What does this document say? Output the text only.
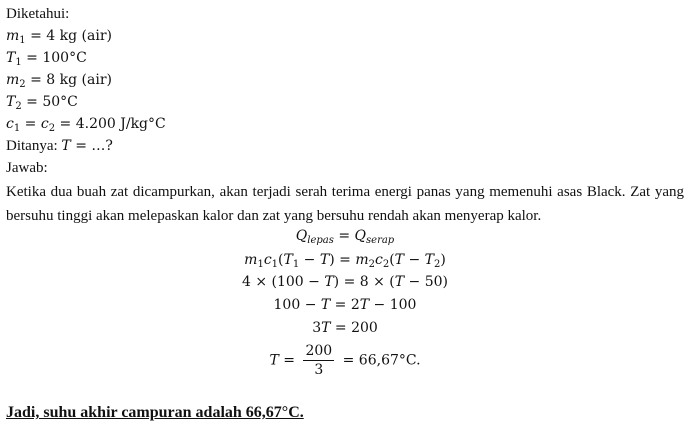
Diketahui:
$m_1 = 4$ kg (air)
$T_1 = 100^\circ C$
$m_2 = 8$ kg (air)
$T_2 = 50^\circ C$
$c_1 = c_2 = 4.200$ J/kg°C
Ditanya: T = …?
Jawab:
Ketika dua buah zat dicampurkan, akan terjadi serah terima energi panas yang memenuhi asas Black. Zat yang bersuhu tinggi akan melepaskan kalor dan zat yang bersuhu rendah akan menyerap kalor.
$Q_{lepas} = Q_{serap}$
$m_1c_1(T_1 - T) = m_2c_2(T - T_2)$
4 × (100 − T) = 8 × (T − 50)
100 − T = 2T − 100
3T = 200
$T = \frac{200}{3} = 66,67^\circ C$.
Jadi, suhu akhir campuran adalah 66,67°C.
